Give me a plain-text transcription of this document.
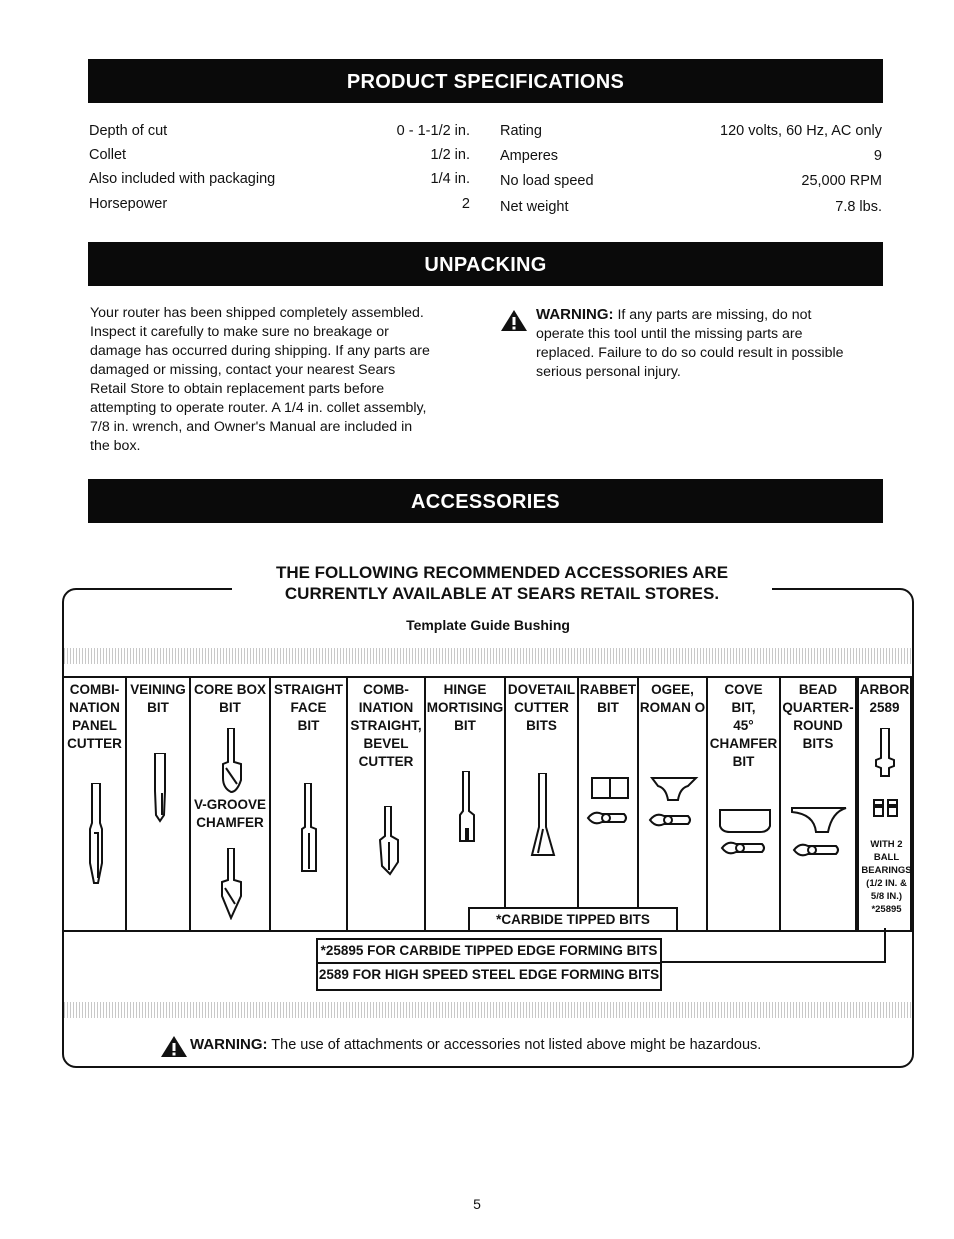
PRODUCT SPECIFICATIONS
Depth of cut	0 - 1-1/2 in.
Collet	1/2 in.
Also included with packaging	1/4 in.
Horsepower	2
Rating	120 volts, 60 Hz, AC only
Amperes	9
No load speed	25,000 RPM
Net weight	7.8 lbs.
UNPACKING
Your router has been shipped completely assembled.
Inspect it carefully to make sure no breakage or
damage has occurred during shipping. If any parts are
damaged or missing, contact your nearest Sears
Retail Store to obtain replacement parts before
attempting to operate router. A 1/4 in. collet assembly,
7/8 in. wrench, and Owner's Manual are included in
the box.
WARNING: If any parts are missing, do not
operate this tool until the missing parts are
replaced. Failure to do so could result in possible
serious personal injury.
ACCESSORIES
THE FOLLOWING RECOMMENDED ACCESSORIES ARE
CURRENTLY AVAILABLE AT SEARS RETAIL STORES.
Template Guide Bushing
COMBI-
NATION
PANEL
CUTTER
VEINING
BIT
CORE BOX
BIT
V-GROOVE
CHAMFER
STRAIGHT
FACE
BIT
COMB-
INATION
STRAIGHT,
BEVEL
CUTTER
HINGE
MORTISING
BIT
DOVETAIL
CUTTER
BITS
RABBET
BIT
OGEE,
ROMAN O
COVE
BIT,
45°
CHAMFER
BIT
BEAD
QUARTER-
ROUND
BITS
ARBOR
2589
WITH 2
BALL
BEARINGS
(1/2 IN. &
5/8 IN.)
*25895
*CARBIDE TIPPED BITS
*25895 FOR CARBIDE TIPPED EDGE FORMING BITS
2589 FOR HIGH SPEED STEEL EDGE FORMING BITS
WARNING: The use of attachments or accessories not listed above might be hazardous.
5
